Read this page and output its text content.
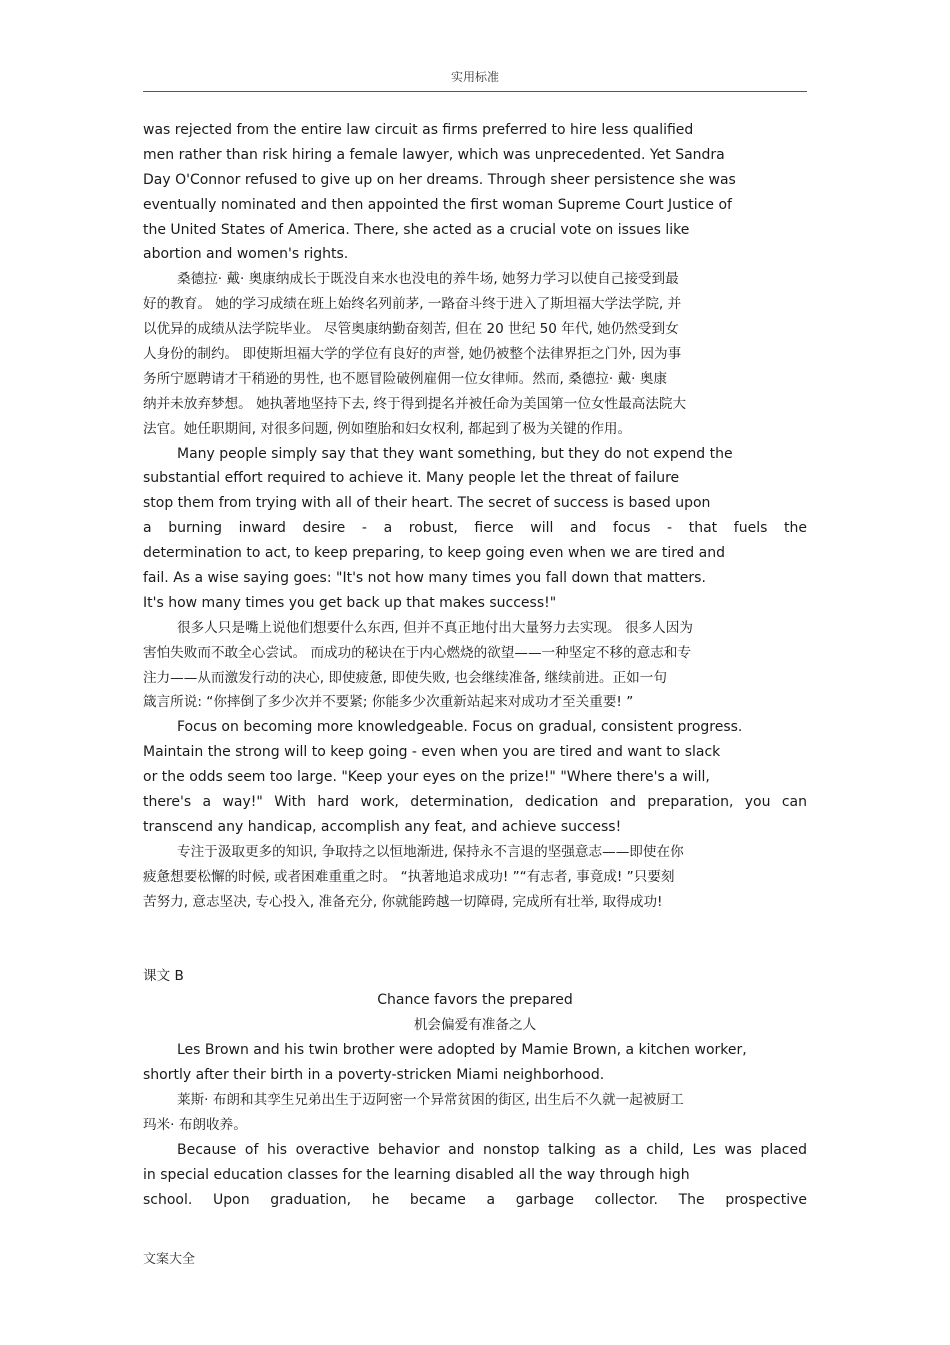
实用标准
was rejected from the entire law circuit as firms preferred to hire less qualified
men rather than risk hiring a female lawyer, which was unprecedented. Yet Sandra
Day O'Connor refused to give up on her dreams. Through sheer persistence she was
eventually nominated and then appointed the first woman Supreme Court Justice of
the United States of America. There, she acted as a crucial vote on issues like
abortion and women's rights.
桑德拉· 戴· 奥康纳成长于既没自来水也没电的养牛场, 她努力学习以使自己接受到最
好的教育。 她的学习成绩在班上始终名列前茅, 一路奋斗终于进入了斯坦福大学法学院, 并
以优异的成绩从法学院毕业。 尽管奥康纳勤奋刻苦, 但在 20 世纪 50 年代, 她仍然受到女
人身份的制约。 即使斯坦福大学的学位有良好的声誉, 她仍被整个法律界拒之门外, 因为事
务所宁愿聘请才干稍逊的男性, 也不愿冒险破例雇佣一位女律师。然而, 桑德拉· 戴· 奥康
纳并未放弃梦想。 她执著地坚持下去, 终于得到提名并被任命为美国第一位女性最高法院大
法官。她任职期间, 对很多问题, 例如堕胎和妇女权利, 都起到了极为关键的作用。
Many people simply say that they want something, but they do not expend the
substantial effort required to achieve it. Many people let the threat of failure
stop them from trying with all of their heart. The secret of success is based upon
a burning inward desire - a robust, fierce will and focus - that fuels the
determination to act, to keep preparing, to keep going even when we are tired and
fail. As a wise saying goes: "It's not how many times you fall down that matters.
It's how many times you get back up that makes success!"
很多人只是嘴上说他们想要什么东西, 但并不真正地付出大量努力去实现。 很多人因为
害怕失败而不敢全心尝试。 而成功的秘诀在于内心燃烧的欲望——一种坚定不移的意志和专
注力——从而激发行动的决心, 即使疲惫, 即使失败, 也会继续准备, 继续前进。正如一句
箴言所说: “你摔倒了多少次并不要紧; 你能多少次重新站起来对成功才至关重要! ”
Focus on becoming more knowledgeable. Focus on gradual, consistent progress.
Maintain the strong will to keep going - even when you are tired and want to slack
or the odds seem too large. "Keep your eyes on the prize!" "Where there's a will,
there's a way!" With hard work, determination, dedication and preparation, you can
transcend any handicap, accomplish any feat, and achieve success!
专注于汲取更多的知识, 争取持之以恒地渐进, 保持永不言退的坚强意志——即使在你
疲惫想要松懈的时候, 或者困难重重之时。 “执著地追求成功! ”“有志者, 事竟成! ”只要刻
苦努力, 意志坚决, 专心投入, 准备充分, 你就能跨越一切障碍, 完成所有壮举, 取得成功!
课文 B
Chance favors the prepared
机会偏爱有准备之人
Les Brown and his twin brother were adopted by Mamie Brown, a kitchen worker,
shortly after their birth in a poverty-stricken Miami neighborhood.
莱斯· 布朗和其孪生兄弟出生于迈阿密一个异常贫困的街区, 出生后不久就一起被厨工
玛米· 布朗收养。
Because of his overactive behavior and nonstop talking as a child, Les was placed
in special education classes for the learning disabled all the way through high
school. Upon graduation, he became a garbage collector. The prospective
文案大全
